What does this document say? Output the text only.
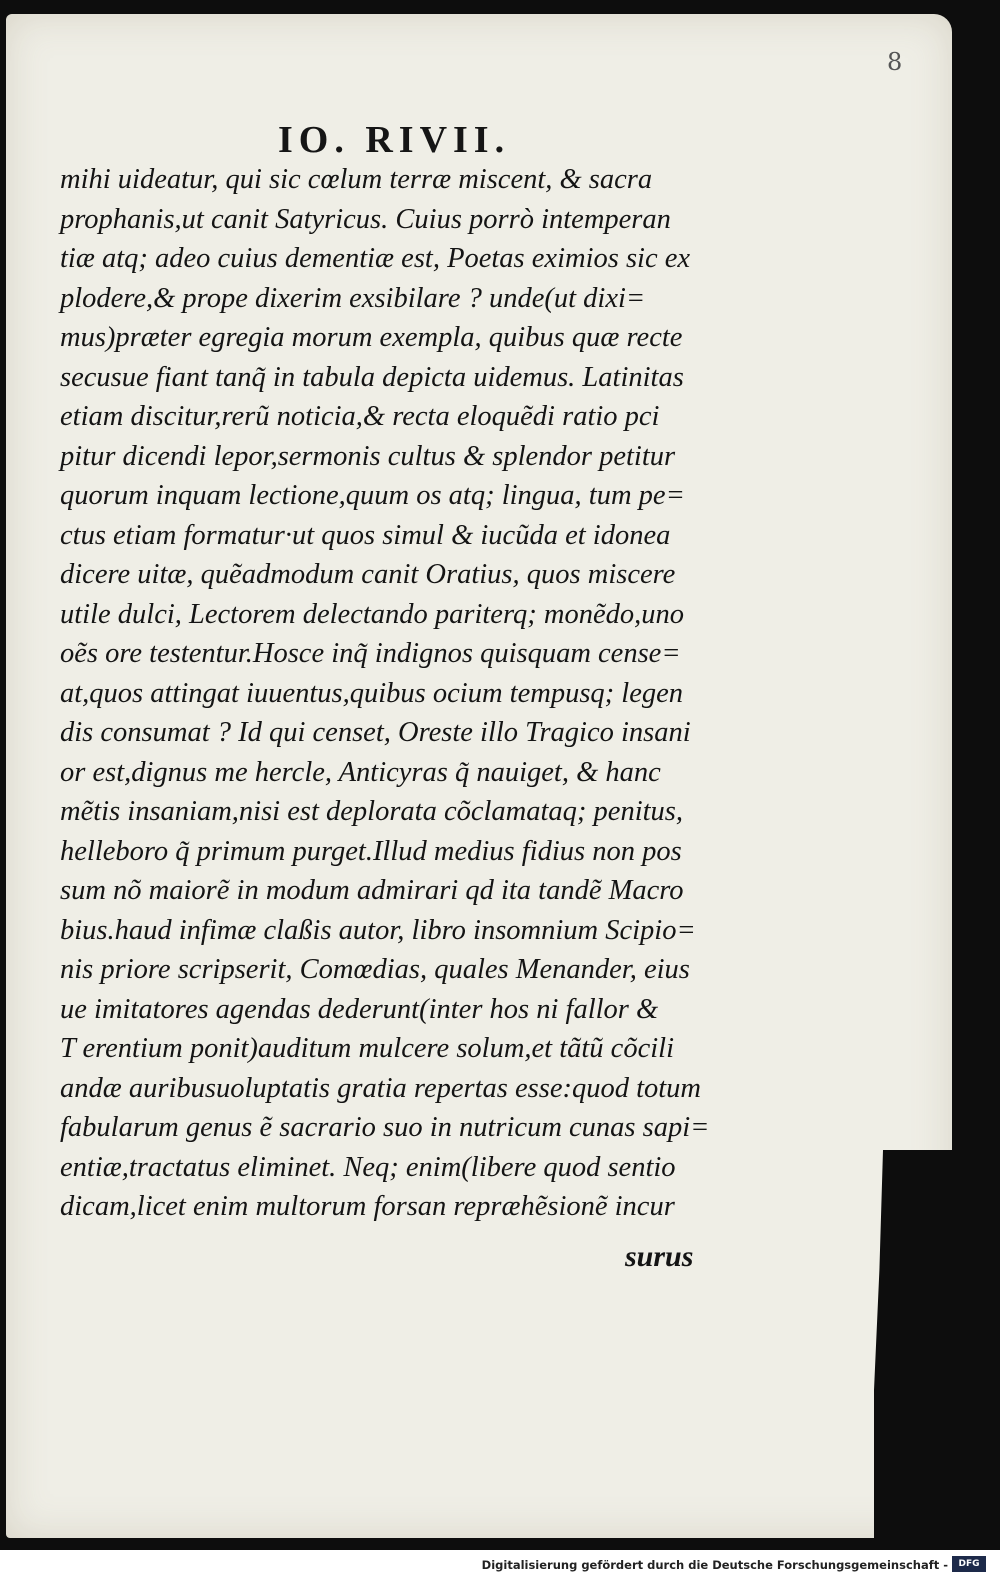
8
IO. RIVII.
mihi uideatur, qui sic cœlum terræ miscent, & sacra
prophanis,ut canit Satyricus. Cuius porrò intemperan
tiæ atq; adeo cuius dementiæ est, Poetas eximios sic ex
plodere,& prope dixerim exsibilare ? unde(ut dixi=
mus)præter egregia morum exempla, quibus quæ recte
secusue fiant tanq̃ in tabula depicta uidemus. Latinitas
etiam discitur,rerũ noticia,& recta eloquẽdi ratio pci
pitur dicendi lepor,sermonis cultus & splendor petitur
quorum inquam lectione,quum os atq; lingua, tum pe=
ctus etiam formatur·ut quos simul & iucũda et idonea
dicere uitæ, quẽadmodum canit Oratius, quos miscere
utile dulci, Lectorem delectando pariterq; monẽdo,uno
oẽs ore testentur.Hosce inq̃ indignos quisquam cense=
at,quos attingat iuuentus,quibus ocium tempusq; legen
dis consumat ? Id qui censet, Oreste illo Tragico insani
or est,dignus me hercle, Anticyras q̃ nauiget, & hanc
mẽtis insaniam,nisi est deplorata cõclamataq; penitus,
helleboro q̃ primum purget.Illud medius fidius non pos
sum nõ maiorẽ in modum admirari qd ita tandẽ Macro
bius.haud infimæ claßis autor, libro insomnium Scipio=
nis priore scripserit, Comœdias, quales Menander, eius
ue imitatores agendas dederunt(inter hos ni fallor &
T erentium ponit)auditum mulcere solum,et tãtũ cõcili
andæ auribusuoluptatis gratia repertas esse:quod totum
fabularum genus ẽ sacrario suo in nutricum cunas sapi=
entiæ,tractatus eliminet. Neq; enim(libere quod sentio
dicam,licet enim multorum forsan repræhẽsionẽ incur
surus
Digitalisierung gefördert durch die Deutsche Forschungsgemeinschaft -	DFG
